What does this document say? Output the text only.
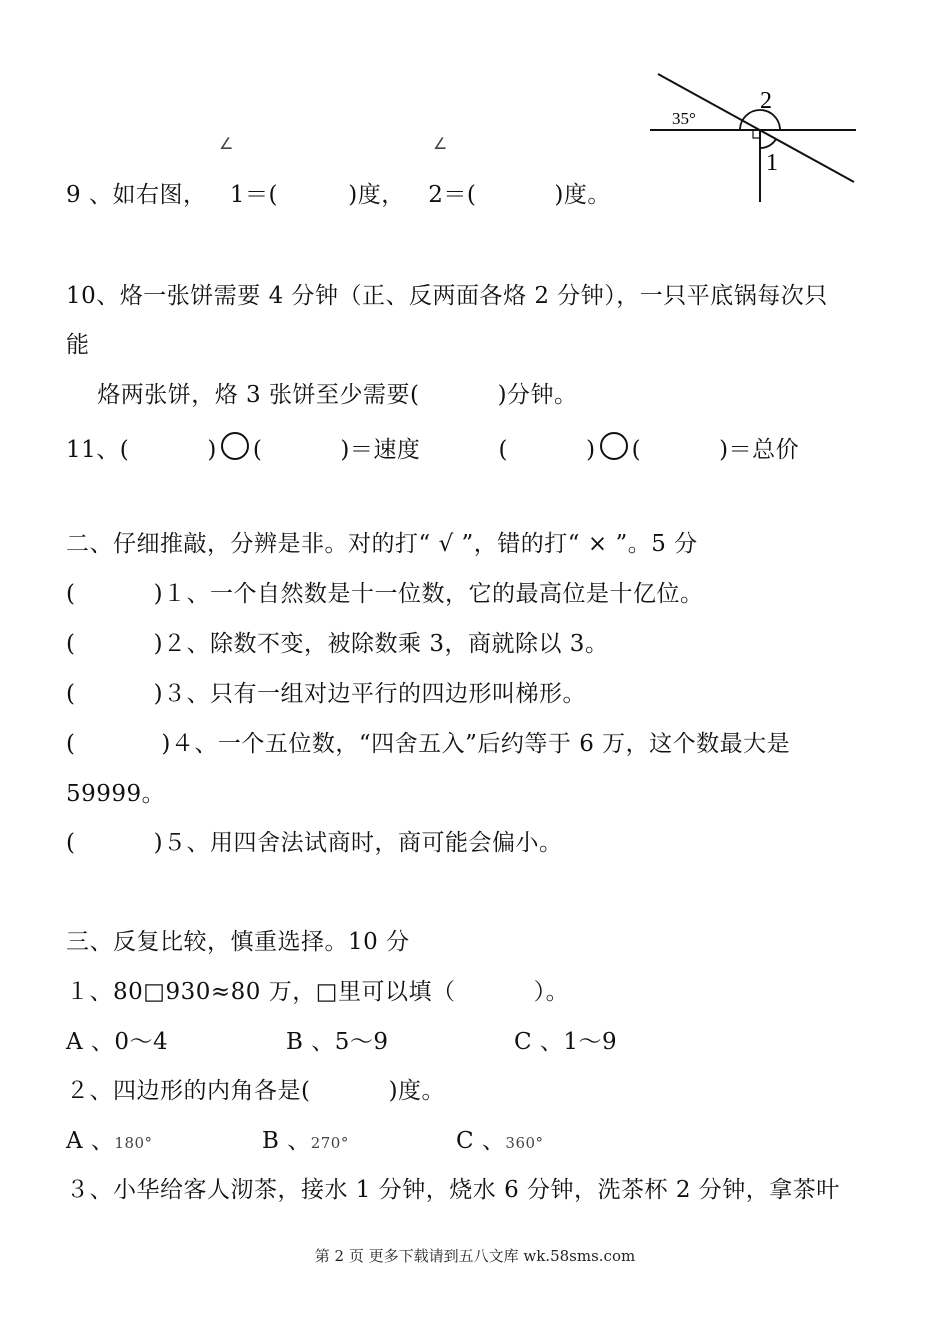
35°
2
1
∠	∠
9 、如右图，   1＝(         )度，   2＝(          )度。
10、烙一张饼需要 4 分钟（正、反两面各烙 2 分钟），一只平底锅每次只
能
烙两张饼，烙 3 张饼至少需要(          )分钟。
11、(          ) (          )＝速度          (          ) (          )＝总价
二、仔细推敲，分辨是非。对的打“ √ ”，错的打“ × ”。5 分
(          )１、一个自然数是十一位数，它的最高位是十亿位。
(          )２、除数不变，被除数乘 3，商就除以 3。
(          )３、只有一组对边平行的四边形叫梯形。
(           )４、一个五位数，“四舍五入”后约等于 6 万，这个数最大是
59999。
(          )５、用四舍法试商时，商可能会偏小。
三、反复比较，慎重选择。10 分
１、80□930≈80 万，□里可以填（          ）。
A 、0～4	B 、5～9	C 、1～9
２、四边形的内角各是(          )度。
A 、180°	B 、270°	C 、360°
３、小华给客人沏茶，接水 1 分钟，烧水 6 分钟，洗茶杯 2 分钟，拿茶叶
第 2 页 更多下载请到五八文库 wk.58sms.com
